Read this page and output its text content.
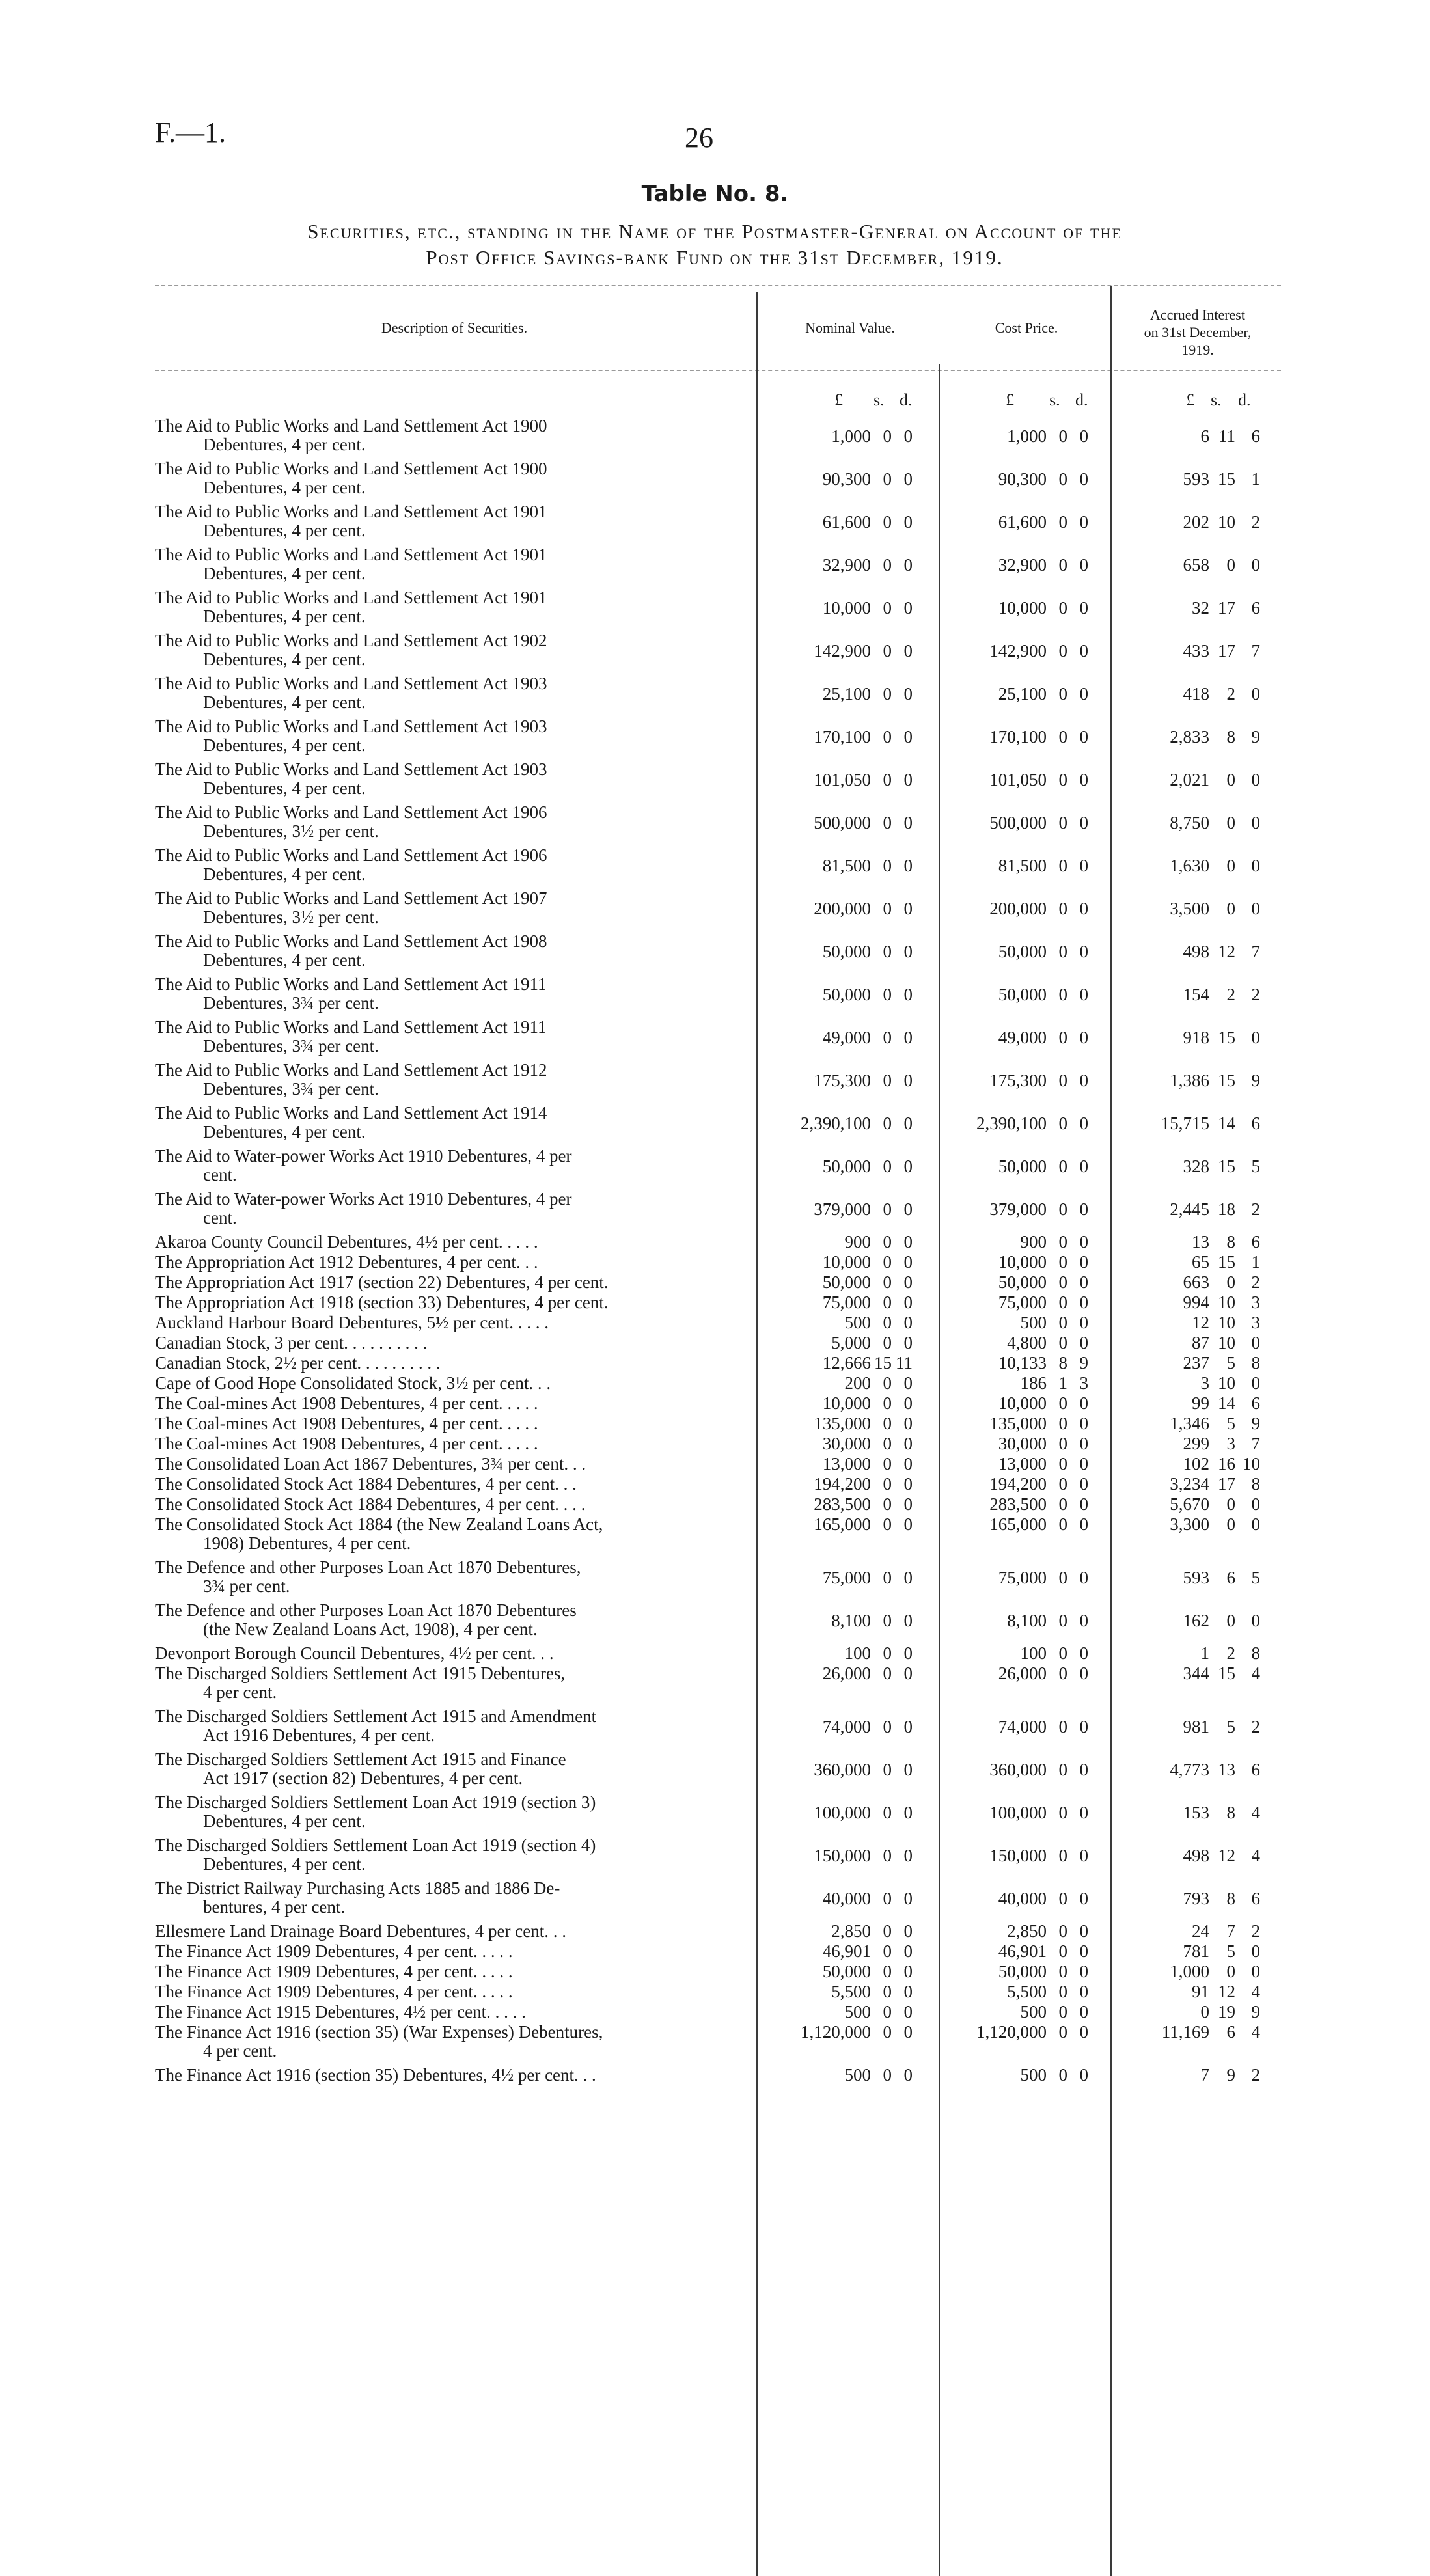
F.—1.	26
Table No. 8.
Securities, etc., standing in the Name of the Postmaster-General on Account of the
Post Office Savings-bank Fund on the 31st December, 1919.
Description of Securities.	Nominal Value.	Cost Price.
Accrued Interest
on 31st December,
1919.
£ s. d.	£ s. d.	£ s. d.
The Aid to Public Works and Land Settlement Act 1900
Debentures, 4 per cent.	1,000 0 0	1,000 0 0	6 11 6
The Aid to Public Works and Land Settlement Act 1900
Debentures, 4 per cent.	90,300 0 0	90,300 0 0	593 15 1
The Aid to Public Works and Land Settlement Act 1901
Debentures, 4 per cent.	61,600 0 0	61,600 0 0	202 10 2
The Aid to Public Works and Land Settlement Act 1901
Debentures, 4 per cent.	32,900 0 0	32,900 0 0	658 0 0
The Aid to Public Works and Land Settlement Act 1901
Debentures, 4 per cent.	10,000 0 0	10,000 0 0	32 17 6
The Aid to Public Works and Land Settlement Act 1902
Debentures, 4 per cent.	142,900 0 0	142,900 0 0	433 17 7
The Aid to Public Works and Land Settlement Act 1903
Debentures, 4 per cent.	25,100 0 0	25,100 0 0	418 2 0
The Aid to Public Works and Land Settlement Act 1903
Debentures, 4 per cent.	170,100 0 0	170,100 0 0	2,833 8 9
The Aid to Public Works and Land Settlement Act 1903
Debentures, 4 per cent.	101,050 0 0	101,050 0 0	2,021 0 0
The Aid to Public Works and Land Settlement Act 1906
Debentures, 3½ per cent.	500,000 0 0	500,000 0 0	8,750 0 0
The Aid to Public Works and Land Settlement Act 1906
Debentures, 4 per cent.	81,500 0 0	81,500 0 0	1,630 0 0
The Aid to Public Works and Land Settlement Act 1907
Debentures, 3½ per cent.	200,000 0 0	200,000 0 0	3,500 0 0
The Aid to Public Works and Land Settlement Act 1908
Debentures, 4 per cent.	50,000 0 0	50,000 0 0	498 12 7
The Aid to Public Works and Land Settlement Act 1911
Debentures, 3¾ per cent.	50,000 0 0	50,000 0 0	154 2 2
The Aid to Public Works and Land Settlement Act 1911
Debentures, 3¾ per cent.	49,000 0 0	49,000 0 0	918 15 0
The Aid to Public Works and Land Settlement Act 1912
Debentures, 3¾ per cent.	175,300 0 0	175,300 0 0	1,386 15 9
The Aid to Public Works and Land Settlement Act 1914
Debentures, 4 per cent.	2,390,100 0 0	2,390,100 0 0	15,715 14 6
The Aid to Water-power Works Act 1910 Debentures, 4 per
cent.	50,000 0 0	50,000 0 0	328 15 5
The Aid to Water-power Works Act 1910 Debentures, 4 per
cent.	379,000 0 0	379,000 0 0	2,445 18 2
Akaroa County Council Debentures, 4½ per cent. . . . .	900 0 0	900 0 0	13 8 6
The Appropriation Act 1912 Debentures, 4 per cent. . .	10,000 0 0	10,000 0 0	65 15 1
The Appropriation Act 1917 (section 22) Debentures, 4 per cent.	50,000 0 0	50,000 0 0	663 0 2
The Appropriation Act 1918 (section 33) Debentures, 4 per cent.	75,000 0 0	75,000 0 0	994 10 3
Auckland Harbour Board Debentures, 5½ per cent. . . . .	500 0 0	500 0 0	12 10 3
Canadian Stock, 3 per cent. . . . . . . . . .	5,000 0 0	4,800 0 0	87 10 0
Canadian Stock, 2½ per cent. . . . . . . . . .	12,666 15 11	10,133 8 9	237 5 8
Cape of Good Hope Consolidated Stock, 3½ per cent. . .	200 0 0	186 1 3	3 10 0
The Coal-mines Act 1908 Debentures, 4 per cent. . . . .	10,000 0 0	10,000 0 0	99 14 6
The Coal-mines Act 1908 Debentures, 4 per cent. . . . .	135,000 0 0	135,000 0 0	1,346 5 9
The Coal-mines Act 1908 Debentures, 4 per cent. . . . .	30,000 0 0	30,000 0 0	299 3 7
The Consolidated Loan Act 1867 Debentures, 3¾ per cent. . .	13,000 0 0	13,000 0 0	102 16 10
The Consolidated Stock Act 1884 Debentures, 4 per cent. . .	194,200 0 0	194,200 0 0	3,234 17 8
The Consolidated Stock Act 1884 Debentures, 4 per cent. . . .	283,500 0 0	283,500 0 0	5,670 0 0
The Consolidated Stock Act 1884 (the New Zealand Loans Act,
1908) Debentures, 4 per cent.
165,000 0 0	165,000 0 0	3,300 0 0
The Defence and other Purposes Loan Act 1870 Debentures,
3¾ per cent.	75,000 0 0	75,000 0 0	593 6 5
The Defence and other Purposes Loan Act 1870 Debentures
(the New Zealand Loans Act, 1908), 4 per cent.	8,100 0 0	8,100 0 0	162 0 0
Devonport Borough Council Debentures, 4½ per cent. . .	100 0 0	100 0 0	1 2 8
The Discharged Soldiers Settlement Act 1915 Debentures,
4 per cent.
26,000 0 0	26,000 0 0	344 15 4
The Discharged Soldiers Settlement Act 1915 and Amendment
Act 1916 Debentures, 4 per cent.	74,000 0 0	74,000 0 0	981 5 2
The Discharged Soldiers Settlement Act 1915 and Finance
Act 1917 (section 82) Debentures, 4 per cent.	360,000 0 0	360,000 0 0	4,773 13 6
The Discharged Soldiers Settlement Loan Act 1919 (section 3)
Debentures, 4 per cent.	100,000 0 0	100,000 0 0	153 8 4
The Discharged Soldiers Settlement Loan Act 1919 (section 4)
Debentures, 4 per cent.	150,000 0 0	150,000 0 0	498 12 4
The District Railway Purchasing Acts 1885 and 1886 De-
bentures, 4 per cent.	40,000 0 0	40,000 0 0	793 8 6
Ellesmere Land Drainage Board Debentures, 4 per cent. . .	2,850 0 0	2,850 0 0	24 7 2
The Finance Act 1909 Debentures, 4 per cent. . . . .	46,901 0 0	46,901 0 0	781 5 0
The Finance Act 1909 Debentures, 4 per cent. . . . .	50,000 0 0	50,000 0 0	1,000 0 0
The Finance Act 1909 Debentures, 4 per cent. . . . .	5,500 0 0	5,500 0 0	91 12 4
The Finance Act 1915 Debentures, 4½ per cent. . . . .	500 0 0	500 0 0	0 19 9
The Finance Act 1916 (section 35) (War Expenses) Debentures,
4 per cent.
1,120,000 0 0	1,120,000 0 0	11,169 6 4
The Finance Act 1916 (section 35) Debentures, 4½ per cent. . .	500 0 0	500 0 0	7 9 2
